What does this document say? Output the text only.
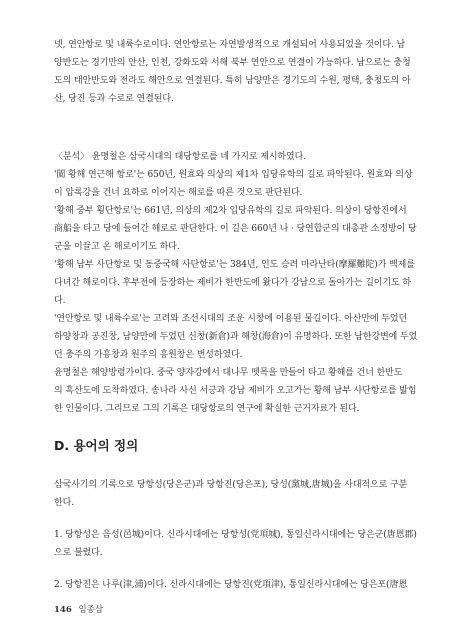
넷, 연안항로 및 내륙수로이다. 연안항로는 자연발생적으로 개설되어 사용되었을 것이다. 남
양반도는 경기만의 안산, 인천, 강화도와 서해 북부 연안으로 연결이 가능하다. 남으로는 충청
도의 태안반도와 전라도 해안으로 연결된다. 특히 남양만은 경기도의 수원, 평택, 충청도의 아
산, 당진 등과 수로로 연결된다.
〈분석〉 윤명철은 삼국시대의 대당항로를 네 가지로 제시하였다.
'閩 황해 연근해 항로'는 650년, 원효와 의상의 제1차 입당유학의 길로 파악된다. 원효와 의상
이 압록강을 건너 요하로 이어지는 해로를 따른 것으로 판단된다.
'황해 중부 횡단항로'는 661년, 의상의 제2차 입당유학의 길로 파악된다. 의상이 당항진에서
商船을 타고 당에 들어간 해로로 판단한다. 이 길은 660년 나 · 당연합군의 대총관 소정방이 당
군을 이끌고 온 해로이기도 하다.
'황해 남부 사단항로 및 동중국해 사단항로'는 384년, 인도 승려 마라난타(摩羅難陀)가 백제를
다녀간 해로이다. 후부전에 등장하는 제비가 한반도에 왔다가 강남으로 돌아가는 길이기도 하
다.
'연안항로 및 내륙수로'는 고려와 조선시대의 조운 시창에 이용된 물길이다. 아산만에 두었던
하양창과 공진창, 남양만에 두었던 신창(新倉)과 해창(海倉)이 유명하다. 또한 남한강변에 두었
던 충주의 가흥창과 원주의 흥원창은 번성하였다.
윤명철은 해양방령가이다. 중국 양자강에서 대나무 뗏목을 만들어 타고 황해를 건너 한반도
의 흑산도에 도착하였다. 송나라 사신 서긍과 강남 제비가 오고가는 황해 남부 사단항로를 밟힘
한 인물이다. 그리므로 그의 기록은 대당항로의 연구에 확실한 근거자료가 된다.
D. 용어의 정의
삼국사기의 기록으로 당항성(당은군)과 당항진(당은포), 당성(黨城,唐城)을 사대적으로 구분
한다.
1. 당항성은 음성(邑城)이다. 신라시대에는 당항성(党項城), 통일신라시대에는 당은군(唐恩郡)
으로 불렸다.
2. 당항진은 나루(津,浦)이다. 신라시대에는 당항진(党項津), 통일신라시대에는 당은포(唐恩
146 임종삼
